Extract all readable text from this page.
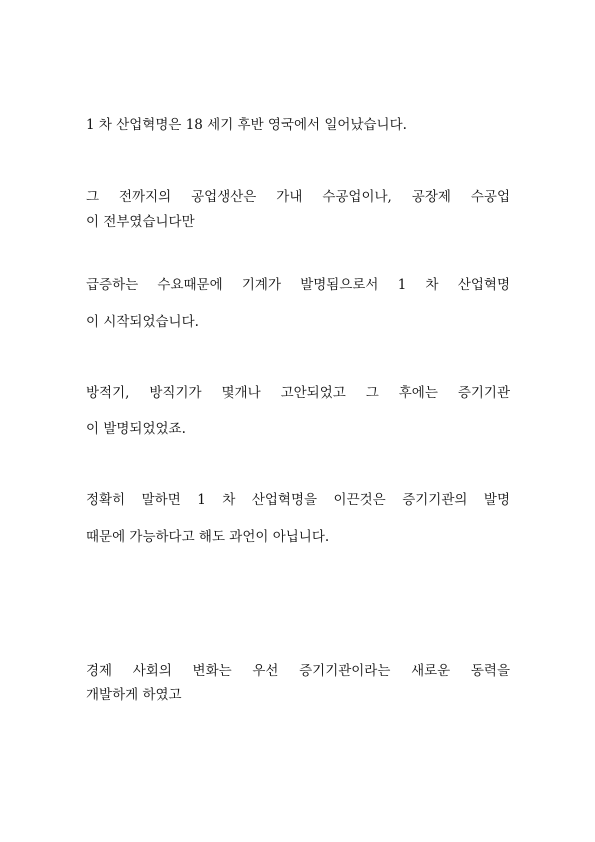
1 차 산업혁명은 18 세기 후반 영국에서 일어났습니다.
그 전까지의 공업생산은 가내 수공업이나, 공장제 수공업
이 전부였습니다만
급증하는 수요때문에 기계가 발명됨으로서 1 차 산업혁명
이 시작되었습니다.
방적기, 방직기가 몇개나 고안되었고 그 후에는 증기기관
이 발명되었었죠.
정확히 말하면 1 차 산업혁명을 이끈것은 증기기관의 발명
때문에 가능하다고 해도 과언이 아닙니다.
경제 사회의 변화는 우선 증기기관이라는 새로운 동력을
개발하게 하였고
